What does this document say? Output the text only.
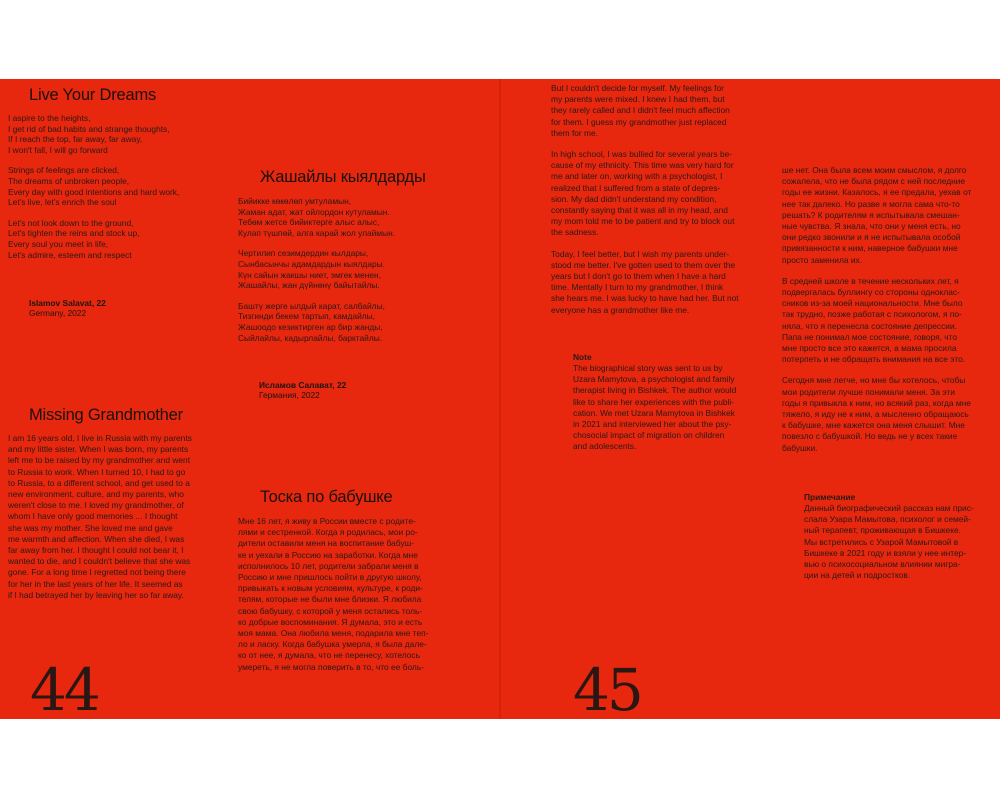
Live Your Dreams

I aspire to the heights,
I get rid of bad habits and strange thoughts,
If I reach the top, far away, far away,
I won't fall, I will go forward

Strings of feelings are clicked,
The dreams of unbroken people,
Every day with good intentions and hard work,
Let's live, let's enrich the soul

Let's not look down to the ground,
Let's tighten the reins and stock up,
Every soul you meet in life,
Let's admire, esteem and respect

Islamov Salavat, 22
Germany, 2022
Жашайлы кыялдарды

Бийикке көкөлөп умтуламын,
Жаман адат, жат ойлордон кутуламын.
Тебөм жетсе бийиктерге алыс алыс,
Кулап түшпөй, алга карай жол улаймын.

Чертилип сезимдердин кылдары,
Сынбасынчы адамдардын кыялдары.
Күн сайын жакшы ниет, эмгек менен,
Жашайлы, жан дүйнөнү байытайлы.

Баштү жерге ылдый карат, салбайлы,
Тизгинди бекем тартып, камдайлы,
Жашоодо кезиктирген ар бир жанды,
Сыйлайлы, кадырлайлы, барктайлы.

Исламов Салават, 22
Германия, 2022
Missing Grandmother
I am 16 years old, I live in Russia with my parents
and my little sister. When I was born, my parents
left me to be raised by my grandmother and went
to Russia to work. When I turned 10, I had to go
to Russia, to a different school, and get used to a
new environment, culture, and my parents, who
weren't close to me. I loved my grandmother, of
whom I have only good memories ... I thought
she was my mother. She loved me and gave
me warmth and affection. When she died, I was
far away from her. I thought I could not bear it, I
wanted to die, and I couldn't believe that she was
gone. For a long time I regretted not being there
for her in the last years of her life. It seemed as
if I had betrayed her by leaving her so far away.
Тоска по бабушке
Мне 16 лет, я живу в России вместе с родите-
лями и сестренкой. Когда я родилась, мои ро-
дители оставили меня на воспитание бабуш-
ке и уехали в Россию на заработки. Когда мне
исполнилось 10 лет, родители забрали меня в
Россию и мне пришлось пойти в другую школу,
привыкать к новым условиям, культуре, к роди-
телям, которые не были мне близки. Я любила
свою бабушку, с которой у меня остались толь-
ко добрые воспоминания. Я думала, это и есть
моя мама. Она любила меня, подарила мне теп-
ло и ласку. Когда бабушка умерла, я была дале-
ко от нее, я думала, что не перенесу, хотелось
умереть, я не могла поверить в то, что ее боль-
44

But I couldn't decide for myself. My feelings for
my parents were mixed. I knew I had them, but
they rarely called and I didn't feel much affection
for them. I guess my grandmother just replaced
them for me.

In high school, I was bullied for several years be-
cause of my ethnicity. This time was very hard for
me and later on, working with a psychologist, I
realized that I suffered from a state of depres-
sion. My dad didn't understand my condition,
constantly saying that it was all in my head, and
my mom told me to be patient and try to block out
the sadness.

Today, I feel better, but I wish my parents under-
stood me better. I've gotten used to them over the
years but I don't go to them when I have a hard
time. Mentally I turn to my grandmother, I think
she hears me. I was lucky to have had her. But not
everyone has a grandmother like me.

Note
The biographical story was sent to us by
Uzara Mamytova, a psychologist and family
therapist living in Bishkek. The author would
like to share her experiences with the publi-
cation. We met Uzara Mamytova in Bishkek
in 2021 and interviewed her about the psy-
chosocial impact of migration on children
and adolescents.

ше нет. Она была всем моим смыслом, я долго
сожалела, что не была рядом с ней последние
годы ее жизни. Казалось, я ее предала, уехав от
нее так далеко. Но разве я могла сама что-то
решать? К родителям я испытывала смешан-
ные чувства. Я знала, что они у меня есть, но
они редко звонили и я не испытывала особой
привязанности к ним, наверное бабушки мне
просто заменила их.

В средней школе в течение нескольких лет, я
подвергалась буллингу со стороны одноклас-
сников из-за моей национальности. Мне было
так трудно, позже работая с психологом, я по-
няла, что я перенесла состояние депрессии.
Папа не понимал мое состояние, говоря, что
мне просто все это кажется, а мама просила
потерпеть и не обращать внимания на все это.

Сегодня мне легче, но мне бы хотелось, чтобы
мои родители лучше понимали меня. За эти
годы я привыкла к ним, но всякий раз, когда мне
тяжело, я иду не к ним, а мысленно обращаюсь
к бабушке, мне кажется она меня слышит. Мне
повезло с бабушкой. Но ведь не у всех такие
бабушки.

Примечание
Данный биографический рассказ нам прис-
слала Узара Мамытова, психолог и семей-
ный терапевт, проживающая в Бишкеке.
Мы встретились с Узарой Мамытовой в
Бишкеке в 2021 году и взяли у нее интер-
вью о психосоциальном влиянии мигра-
ции на детей и подростков.
45
